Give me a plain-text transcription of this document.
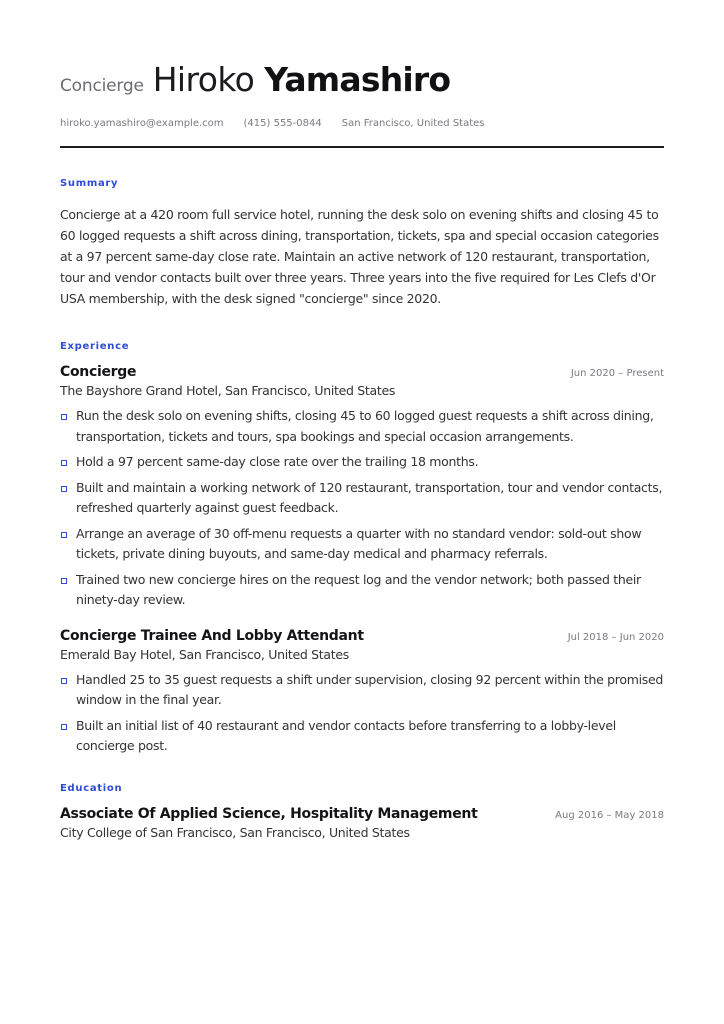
Concierge Hiroko Yamashiro
hiroko.yamashiro@example.com (415) 555-0844 San Francisco, United States
Summary
Concierge at a 420 room full service hotel, running the desk solo on evening shifts and closing 45 to 60 logged requests a shift across dining, transportation, tickets, spa and special occasion categories at a 97 percent same-day close rate. Maintain an active network of 120 restaurant, transportation, tour and vendor contacts built over three years. Three years into the five required for Les Clefs d'Or USA membership, with the desk signed "concierge" since 2020.
Experience
Concierge	Jun 2020 – Present
The Bayshore Grand Hotel, San Francisco, United States
Run the desk solo on evening shifts, closing 45 to 60 logged guest requests a shift across dining, transportation, tickets and tours, spa bookings and special occasion arrangements.
Hold a 97 percent same-day close rate over the trailing 18 months.
Built and maintain a working network of 120 restaurant, transportation, tour and vendor contacts, refreshed quarterly against guest feedback.
Arrange an average of 30 off-menu requests a quarter with no standard vendor: sold-out show tickets, private dining buyouts, and same-day medical and pharmacy referrals.
Trained two new concierge hires on the request log and the vendor network; both passed their ninety-day review.
Concierge Trainee And Lobby Attendant	Jul 2018 – Jun 2020
Emerald Bay Hotel, San Francisco, United States
Handled 25 to 35 guest requests a shift under supervision, closing 92 percent within the promised window in the final year.
Built an initial list of 40 restaurant and vendor contacts before transferring to a lobby-level concierge post.
Education
Associate Of Applied Science, Hospitality Management	Aug 2016 – May 2018
City College of San Francisco, San Francisco, United States
